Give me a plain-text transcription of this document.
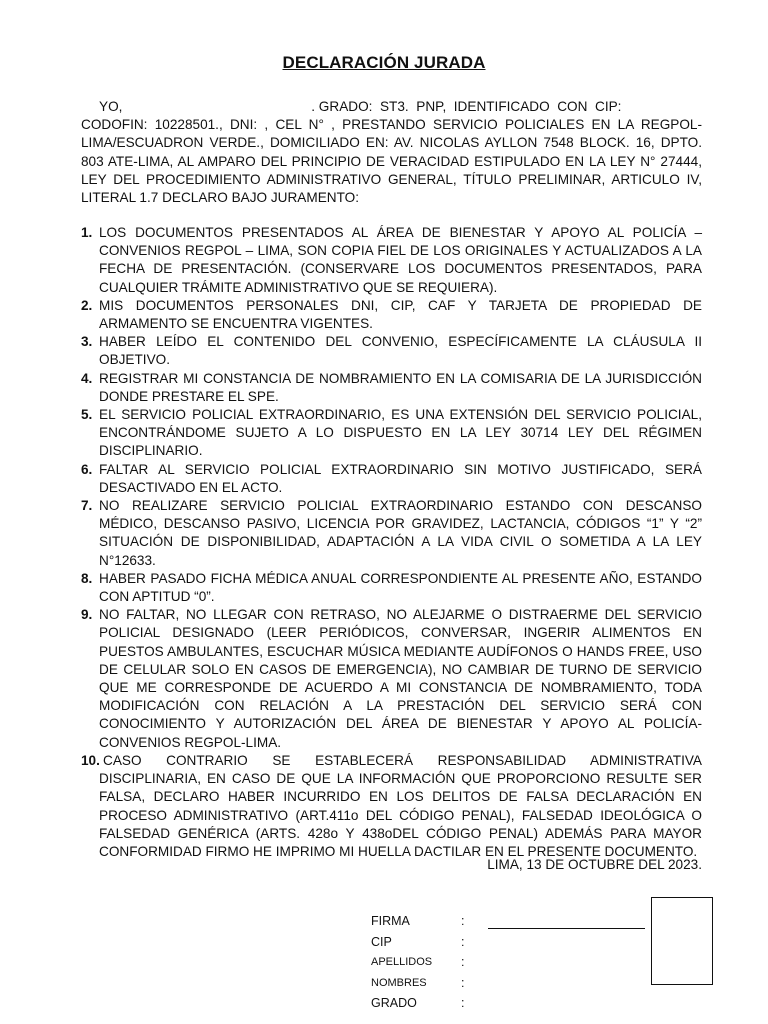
DECLARACIÓN JURADA
YO,                                                  . GRADO:  ST3.  PNP,  IDENTIFICADO  CON  CIP:
CODOFIN: 10228501., DNI: , CEL N° , PRESTANDO SERVICIO POLICIALES EN LA REGPOL-LIMA/ESCUADRON VERDE., DOMICILIADO EN: AV. NICOLAS AYLLON 7548 BLOCK. 16, DPTO. 803 ATE-LIMA, AL AMPARO DEL PRINCIPIO DE VERACIDAD ESTIPULADO EN LA LEY N° 27444, LEY DEL PROCEDIMIENTO ADMINISTRATIVO GENERAL, TÍTULO PRELIMINAR, ARTICULO IV, LITERAL 1.7 DECLARO BAJO JURAMENTO:
1. LOS DOCUMENTOS PRESENTADOS AL ÁREA DE BIENESTAR Y APOYO AL POLICÍA – CONVENIOS REGPOL – LIMA, SON COPIA FIEL DE LOS ORIGINALES Y ACTUALIZADOS A LA FECHA DE PRESENTACIÓN. (CONSERVARE LOS DOCUMENTOS PRESENTADOS, PARA CUALQUIER TRÁMITE ADMINISTRATIVO QUE SE REQUIERA).
2. MIS DOCUMENTOS PERSONALES DNI, CIP, CAF Y TARJETA DE PROPIEDAD DE ARMAMENTO SE ENCUENTRA VIGENTES.
3. HABER LEÍDO EL CONTENIDO DEL CONVENIO, ESPECÍFICAMENTE LA CLÁUSULA II OBJETIVO.
4. REGISTRAR MI CONSTANCIA DE NOMBRAMIENTO EN LA COMISARIA DE LA JURISDICCIÓN DONDE PRESTARE EL SPE.
5. EL SERVICIO POLICIAL EXTRAORDINARIO, ES UNA EXTENSIÓN DEL SERVICIO POLICIAL, ENCONTRÁNDOME SUJETO A LO DISPUESTO EN LA LEY 30714 LEY DEL RÉGIMEN DISCIPLINARIO.
6. FALTAR AL SERVICIO POLICIAL EXTRAORDINARIO SIN MOTIVO JUSTIFICADO, SERÁ DESACTIVADO EN EL ACTO.
7. NO REALIZARE SERVICIO POLICIAL EXTRAORDINARIO ESTANDO CON DESCANSO MÉDICO, DESCANSO PASIVO, LICENCIA POR GRAVIDEZ, LACTANCIA, CÓDIGOS “1” Y “2” SITUACIÓN DE DISPONIBILIDAD, ADAPTACIÓN A LA VIDA CIVIL O SOMETIDA A LA LEY N°12633.
8. HABER PASADO FICHA MÉDICA ANUAL CORRESPONDIENTE AL PRESENTE AÑO, ESTANDO CON APTITUD “0”.
9. NO FALTAR, NO LLEGAR CON RETRASO, NO ALEJARME O DISTRAERME DEL SERVICIO POLICIAL DESIGNADO (LEER PERIÓDICOS, CONVERSAR, INGERIR ALIMENTOS EN PUESTOS AMBULANTES, ESCUCHAR MÚSICA MEDIANTE AUDÍFONOS O HANDS FREE, USO DE CELULAR SOLO EN CASOS DE EMERGENCIA), NO CAMBIAR DE TURNO DE SERVICIO QUE ME CORRESPONDE DE ACUERDO A MI CONSTANCIA DE NOMBRAMIENTO, TODA MODIFICACIÓN CON RELACIÓN A LA PRESTACIÓN DEL SERVICIO SERÁ CON CONOCIMIENTO Y AUTORIZACIÓN DEL ÁREA DE BIENESTAR Y APOYO AL POLICÍA-CONVENIOS REGPOL-LIMA.
10. CASO CONTRARIO SE ESTABLECERÁ RESPONSABILIDAD ADMINISTRATIVA DISCIPLINARIA, EN CASO DE QUE LA INFORMACIÓN QUE PROPORCIONO RESULTE SER FALSA, DECLARO HABER INCURRIDO EN LOS DELITOS DE FALSA DECLARACIÓN EN PROCESO ADMINISTRATIVO (ART.411o DEL CÓDIGO PENAL), FALSEDAD IDEOLÓGICA O FALSEDAD GENÉRICA (ARTS. 428o Y 438oDEL CÓDIGO PENAL) ADEMÁS PARA MAYOR CONFORMIDAD FIRMO HE IMPRIMO MI HUELLA DACTILAR EN EL PRESENTE DOCUMENTO.
LIMA, 13 DE OCTUBRE DEL 2023.
FIRMA	:
CIP	:
APELLIDOS :
NOMBRES	:
GRADO	:
